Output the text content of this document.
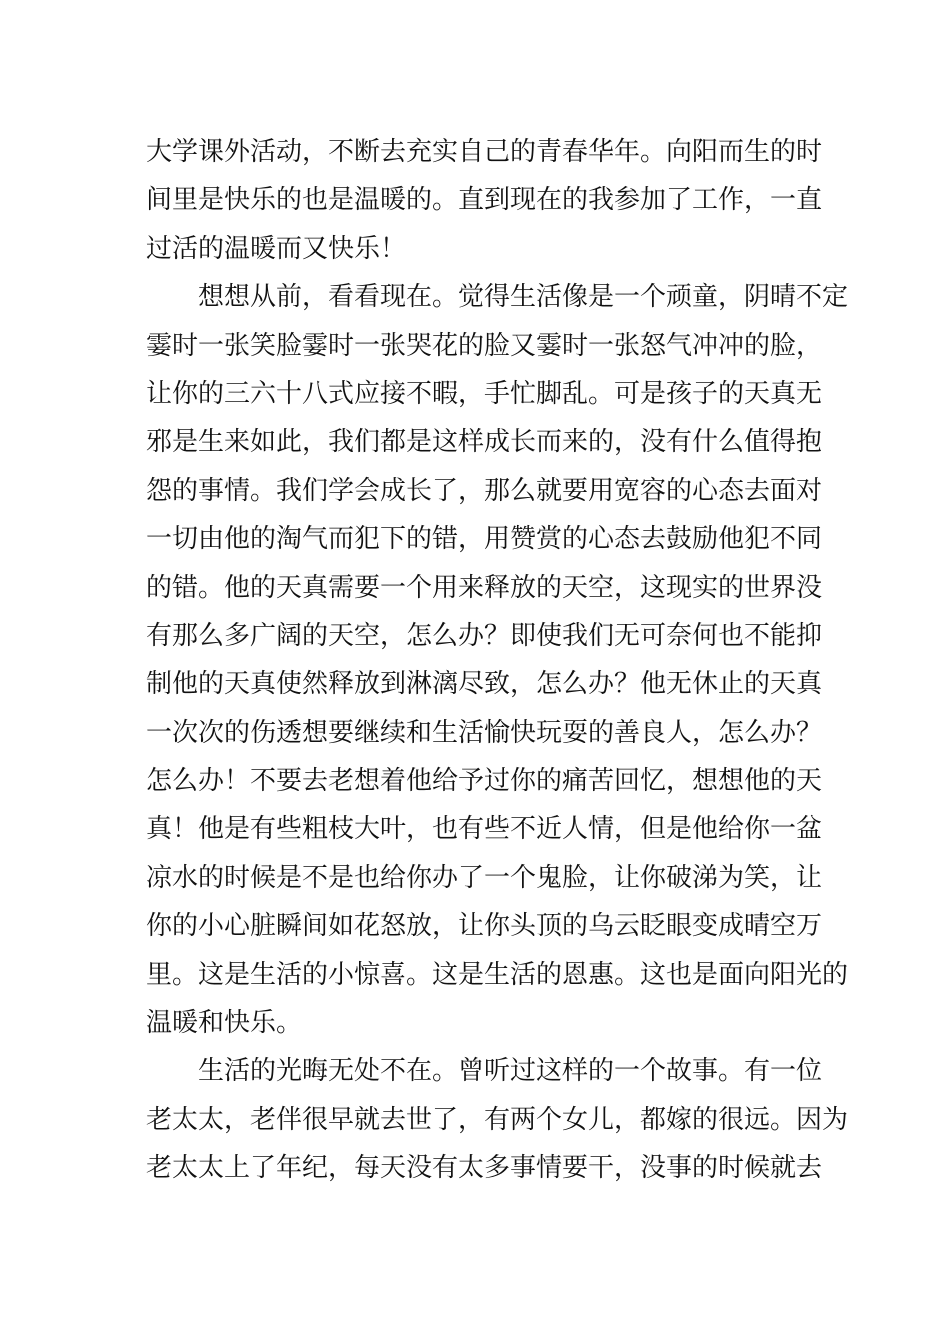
大学课外活动，不断去充实自己的青春华年。向阳而生的时
间里是快乐的也是温暖的。直到现在的我参加了工作，一直
过活的温暖而又快乐！
想想从前，看看现在。觉得生活像是一个顽童，阴晴不定
霎时一张笑脸霎时一张哭花的脸又霎时一张怒气冲冲的脸，
让你的三六十八式应接不暇，手忙脚乱。可是孩子的天真无
邪是生来如此，我们都是这样成长而来的，没有什么值得抱
怨的事情。我们学会成长了，那么就要用宽容的心态去面对
一切由他的淘气而犯下的错，用赞赏的心态去鼓励他犯不同
的错。他的天真需要一个用来释放的天空，这现实的世界没
有那么多广阔的天空，怎么办？即使我们无可奈何也不能抑
制他的天真使然释放到淋漓尽致，怎么办？他无休止的天真
一次次的伤透想要继续和生活愉快玩耍的善良人，怎么办？
怎么办！不要去老想着他给予过你的痛苦回忆，想想他的天
真！他是有些粗枝大叶，也有些不近人情，但是他给你一盆
凉水的时候是不是也给你办了一个鬼脸，让你破涕为笑，让
你的小心脏瞬间如花怒放，让你头顶的乌云眨眼变成晴空万
里。这是生活的小惊喜。这是生活的恩惠。这也是面向阳光的
温暖和快乐。
生活的光晦无处不在。曾听过这样的一个故事。有一位
老太太，老伴很早就去世了，有两个女儿，都嫁的很远。因为
老太太上了年纪，每天没有太多事情要干，没事的时候就去
